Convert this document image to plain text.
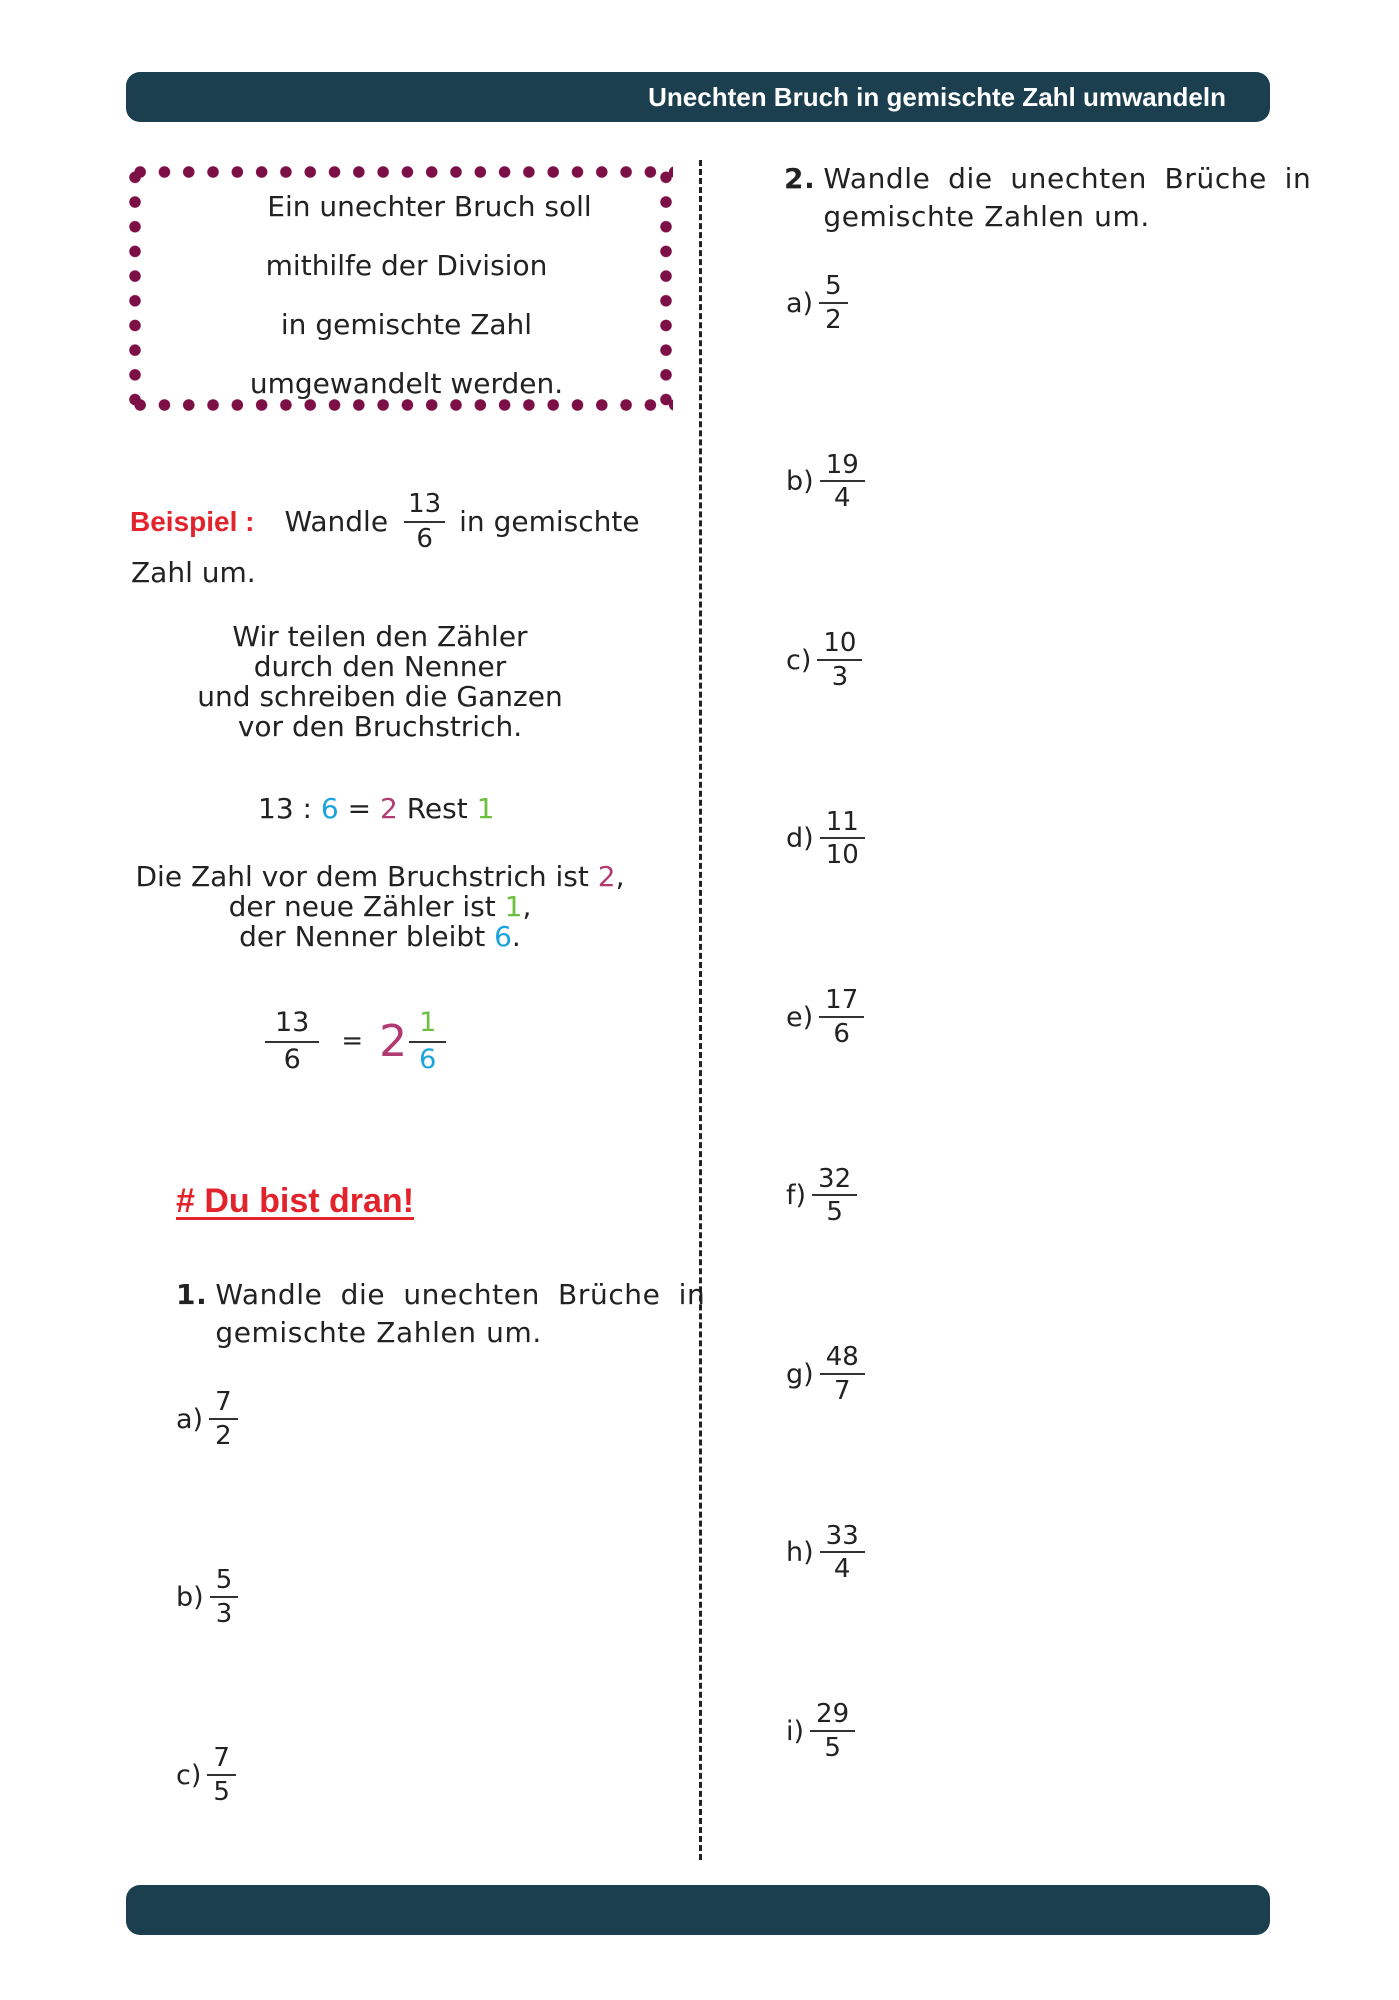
Unechten Bruch in gemischte Zahl umwandeln
Ein unechter Bruch soll
mithilfe der Division
in gemischte Zahl
umgewandelt werden.
Beispiel : Wandle $\frac{13}{6}$ in gemischte
Zahl um.
Wir teilen den Zähler
durch den Nenner
und schreiben die Ganzen
vor den Bruchstrich.
13 : 6 = 2 Rest 1
Die Zahl vor dem Bruchstrich ist 2,
der neue Zähler ist 1,
der Nenner bleibt 6.
$\frac{13}{6} = 2 \frac{1}{6}$
# Du bist dran!
1. Wandle die unechten Brüche in
gemischte Zahlen um.
$a) \frac{7}{2}$
$b) \frac{5}{3}$
$c) \frac{7}{5}$
2. Wandle die unechten Brüche in
gemischte Zahlen um.
$a) \frac{5}{2}$
$b) \frac{19}{4}$
$c) \frac{10}{3}$
$d) \frac{11}{10}$
$e) \frac{17}{6}$
$f) \frac{32}{5}$
$g) \frac{48}{7}$
$h) \frac{33}{4}$
$i) \frac{29}{5}$
